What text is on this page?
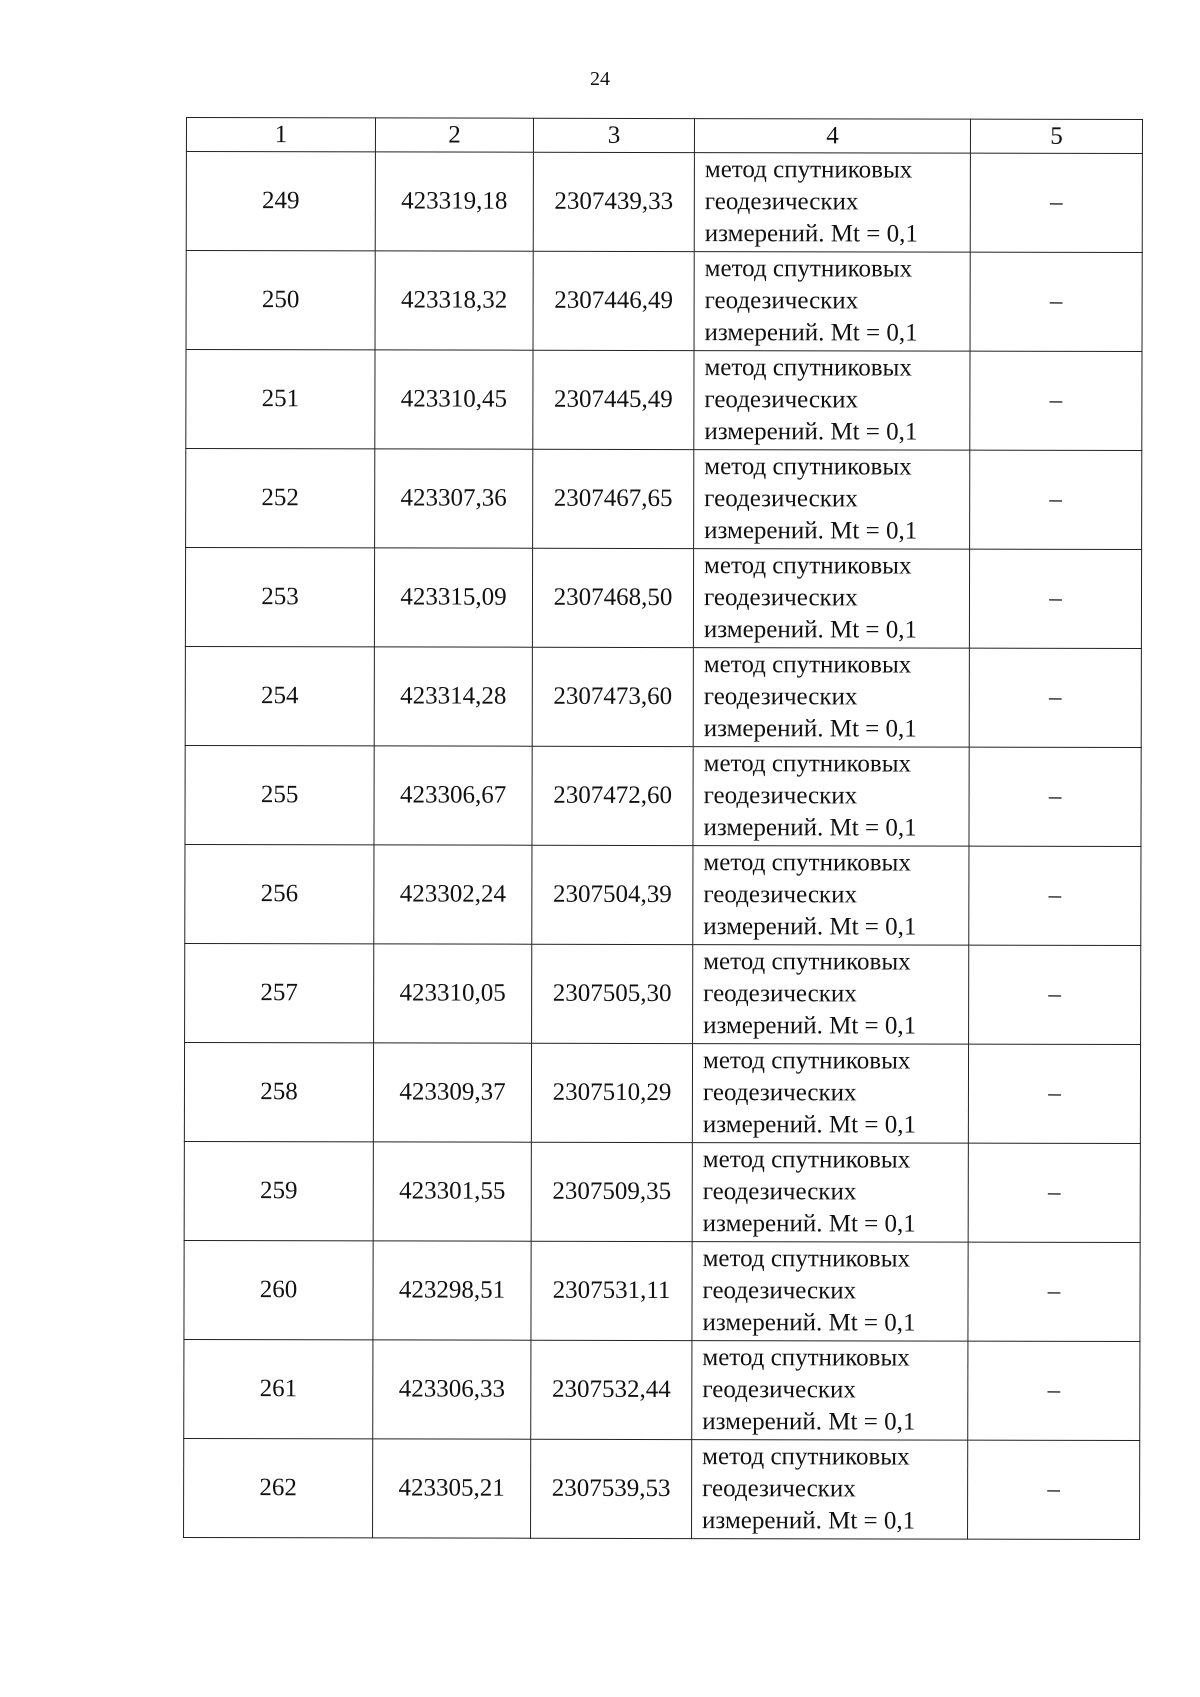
24
1	2	3	4	5
249	423319,18	2307439,33	метод спутниковых
геодезических
измерений. Mt = 0,1	–
250	423318,32	2307446,49	метод спутниковых
геодезических
измерений. Mt = 0,1	–
251	423310,45	2307445,49	метод спутниковых
геодезических
измерений. Mt = 0,1	–
252	423307,36	2307467,65	метод спутниковых
геодезических
измерений. Mt = 0,1	–
253	423315,09	2307468,50	метод спутниковых
геодезических
измерений. Mt = 0,1	–
254	423314,28	2307473,60	метод спутниковых
геодезических
измерений. Mt = 0,1	–
255	423306,67	2307472,60	метод спутниковых
геодезических
измерений. Mt = 0,1	–
256	423302,24	2307504,39	метод спутниковых
геодезических
измерений. Mt = 0,1	–
257	423310,05	2307505,30	метод спутниковых
геодезических
измерений. Mt = 0,1	–
258	423309,37	2307510,29	метод спутниковых
геодезических
измерений. Mt = 0,1	–
259	423301,55	2307509,35	метод спутниковых
геодезических
измерений. Mt = 0,1	–
260	423298,51	2307531,11	метод спутниковых
геодезических
измерений. Mt = 0,1	–
261	423306,33	2307532,44	метод спутниковых
геодезических
измерений. Mt = 0,1	–
262	423305,21	2307539,53	метод спутниковых
геодезических
измерений. Mt = 0,1	–
